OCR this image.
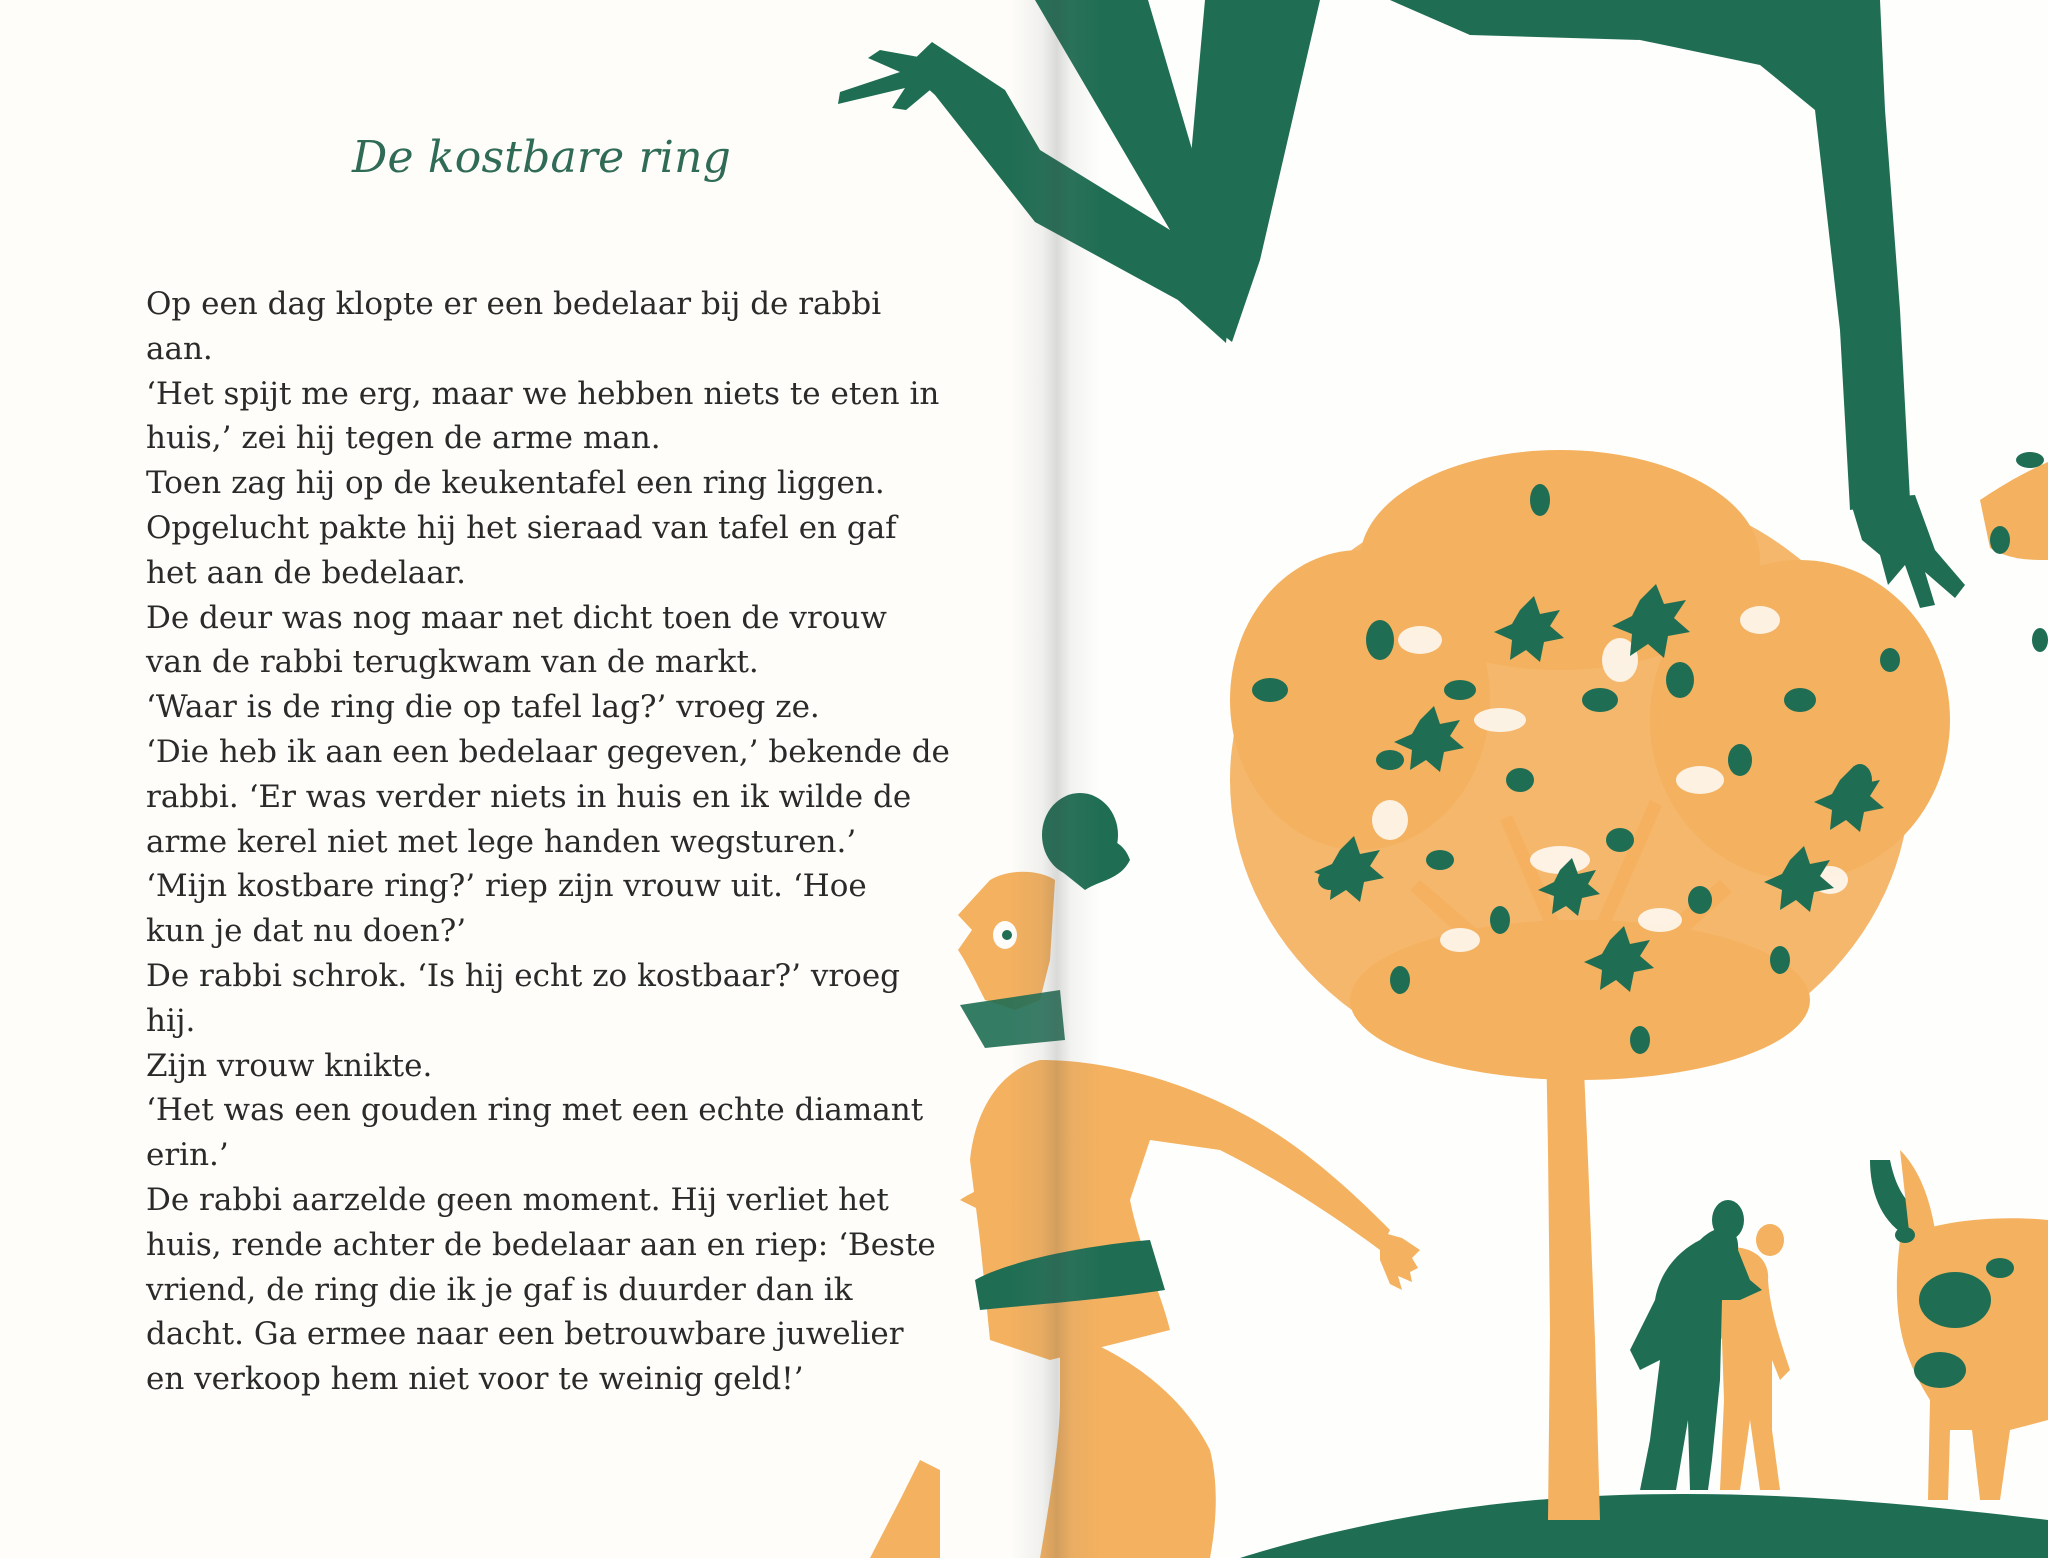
De kostbare ring
Op een dag klopte er een bedelaar bij de rabbi
aan.
‘Het spijt me erg, maar we hebben niets te eten in
huis,’ zei hij tegen de arme man.
Toen zag hij op de keukentafel een ring liggen.
Opgelucht pakte hij het sieraad van tafel en gaf
het aan de bedelaar.
De deur was nog maar net dicht toen de vrouw
van de rabbi terugkwam van de markt.
‘Waar is de ring die op tafel lag?’ vroeg ze.
‘Die heb ik aan een bedelaar gegeven,’ bekende de
rabbi. ‘Er was verder niets in huis en ik wilde de
arme kerel niet met lege handen wegsturen.’
‘Mijn kostbare ring?’ riep zijn vrouw uit. ‘Hoe
kun je dat nu doen?’
De rabbi schrok. ‘Is hij echt zo kostbaar?’ vroeg
hij.
Zijn vrouw knikte.
‘Het was een gouden ring met een echte diamant
erin.’
De rabbi aarzelde geen moment. Hij verliet het
huis, rende achter de bedelaar aan en riep: ‘Beste
vriend, de ring die ik je gaf is duurder dan ik
dacht. Ga ermee naar een betrouwbare juwelier
en verkoop hem niet voor te weinig geld!’
